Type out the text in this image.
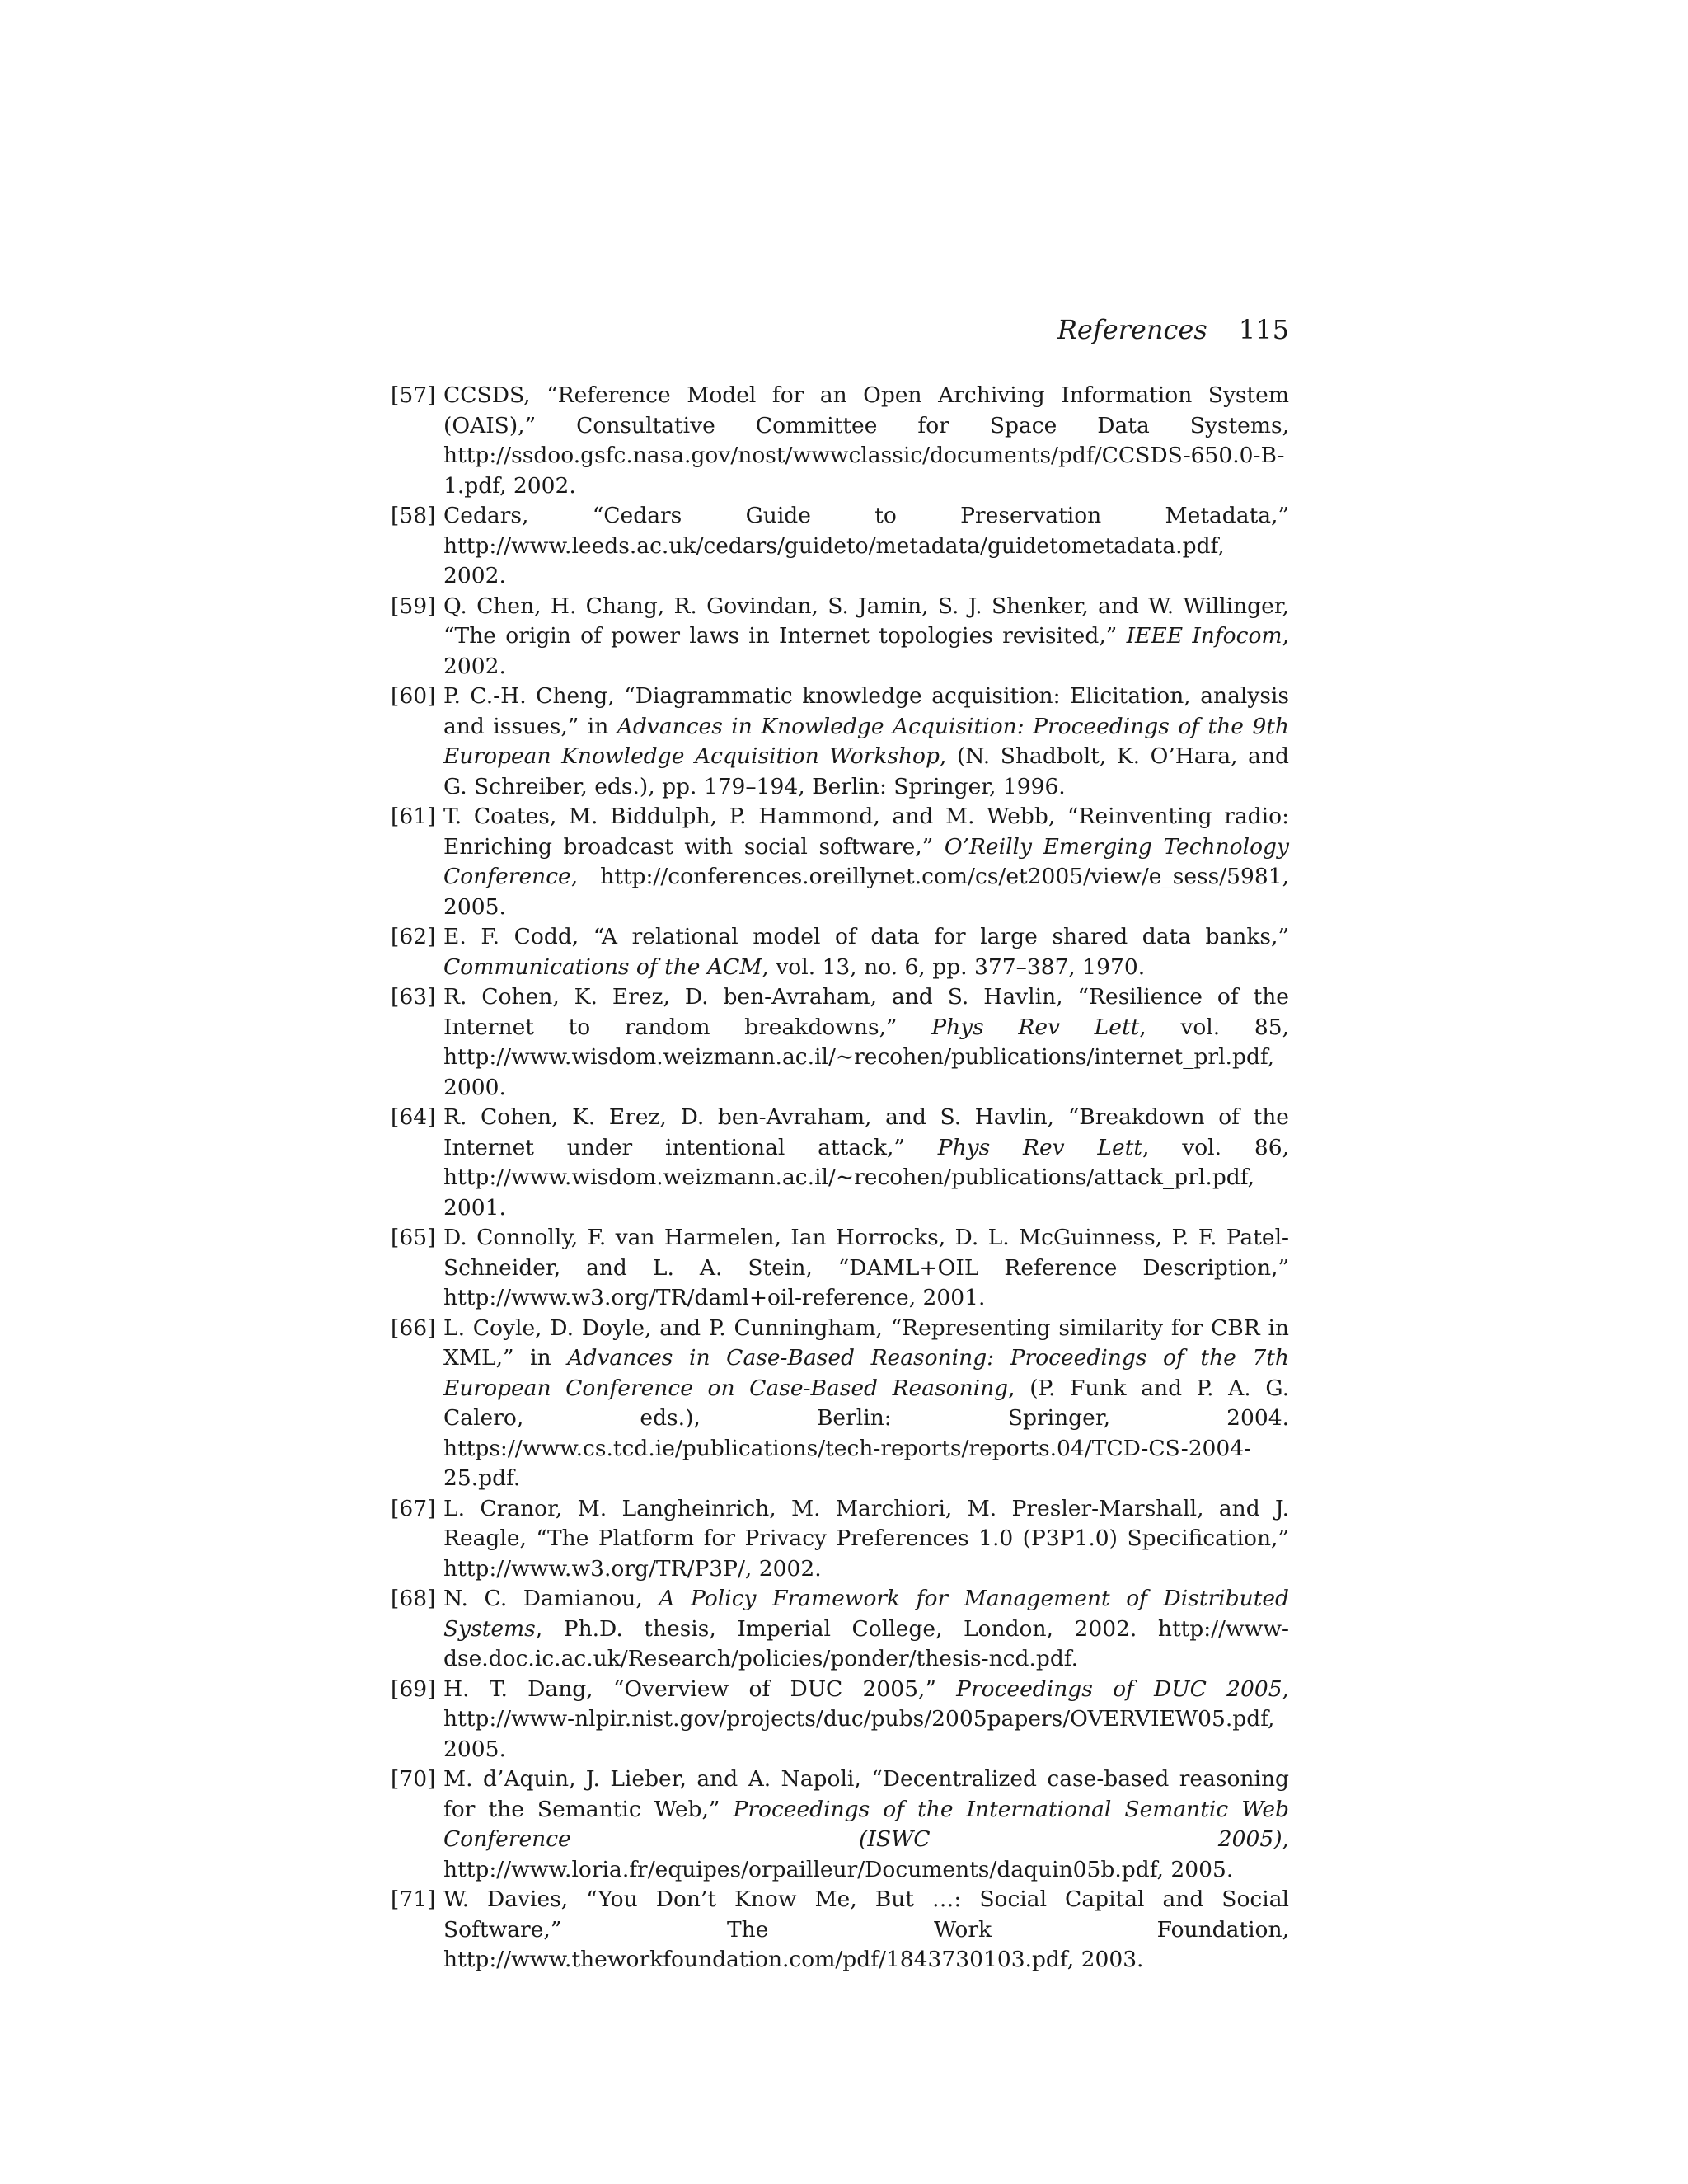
References 115
[57] CCSDS, “Reference Model for an Open Archiving Information System (OAIS),” Consultative Committee for Space Data Systems, http://ssdoo.gsfc.nasa.gov/nost/wwwclassic/documents/pdf/CCSDS-650.0-B-1.pdf, 2002.
[58] Cedars, “Cedars Guide to Preservation Metadata,” http://www.leeds.ac.uk/cedars/guideto/metadata/guidetometadata.pdf, 2002.
[59] Q. Chen, H. Chang, R. Govindan, S. Jamin, S. J. Shenker, and W. Willinger, “The origin of power laws in Internet topologies revisited,” IEEE Infocom, 2002.
[60] P. C.-H. Cheng, “Diagrammatic knowledge acquisition: Elicitation, analysis and issues,” in Advances in Knowledge Acquisition: Proceedings of the 9th European Knowledge Acquisition Workshop, (N. Shadbolt, K. O’Hara, and G. Schreiber, eds.), pp. 179–194, Berlin: Springer, 1996.
[61] T. Coates, M. Biddulph, P. Hammond, and M. Webb, “Reinventing radio: Enriching broadcast with social software,” O’Reilly Emerging Technology Conference, http://conferences.oreillynet.com/cs/et2005/view/e_sess/5981, 2005.
[62] E. F. Codd, “A relational model of data for large shared data banks,” Communications of the ACM, vol. 13, no. 6, pp. 377–387, 1970.
[63] R. Cohen, K. Erez, D. ben-Avraham, and S. Havlin, “Resilience of the Internet to random breakdowns,” Phys Rev Lett, vol. 85, http://www.wisdom.weizmann.ac.il/∼recohen/publications/internet_prl.pdf, 2000.
[64] R. Cohen, K. Erez, D. ben-Avraham, and S. Havlin, “Breakdown of the Internet under intentional attack,” Phys Rev Lett, vol. 86, http://www.wisdom.weizmann.ac.il/∼recohen/publications/attack_prl.pdf, 2001.
[65] D. Connolly, F. van Harmelen, Ian Horrocks, D. L. McGuinness, P. F. Patel-Schneider, and L. A. Stein, “DAML+OIL Reference Description,” http://www.w3.org/TR/daml+oil-reference, 2001.
[66] L. Coyle, D. Doyle, and P. Cunningham, “Representing similarity for CBR in XML,” in Advances in Case-Based Reasoning: Proceedings of the 7th European Conference on Case-Based Reasoning, (P. Funk and P. A. G. Calero, eds.), Berlin: Springer, 2004. https://www.cs.tcd.ie/publications/tech-reports/reports.04/TCD-CS-2004-25.pdf.
[67] L. Cranor, M. Langheinrich, M. Marchiori, M. Presler-Marshall, and J. Reagle, “The Platform for Privacy Preferences 1.0 (P3P1.0) Specification,” http://www.w3.org/TR/P3P/, 2002.
[68] N. C. Damianou, A Policy Framework for Management of Distributed Systems, Ph.D. thesis, Imperial College, London, 2002. http://www-dse.doc.ic.ac.uk/Research/policies/ponder/thesis-ncd.pdf.
[69] H. T. Dang, “Overview of DUC 2005,” Proceedings of DUC 2005, http://www-nlpir.nist.gov/projects/duc/pubs/2005papers/OVERVIEW05.pdf, 2005.
[70] M. d’Aquin, J. Lieber, and A. Napoli, “Decentralized case-based reasoning for the Semantic Web,” Proceedings of the International Semantic Web Conference (ISWC 2005), http://www.loria.fr/equipes/orpailleur/Documents/daquin05b.pdf, 2005.
[71] W. Davies, “You Don’t Know Me, But …: Social Capital and Social Software,” The Work Foundation, http://www.theworkfoundation.com/pdf/1843730103.pdf, 2003.
